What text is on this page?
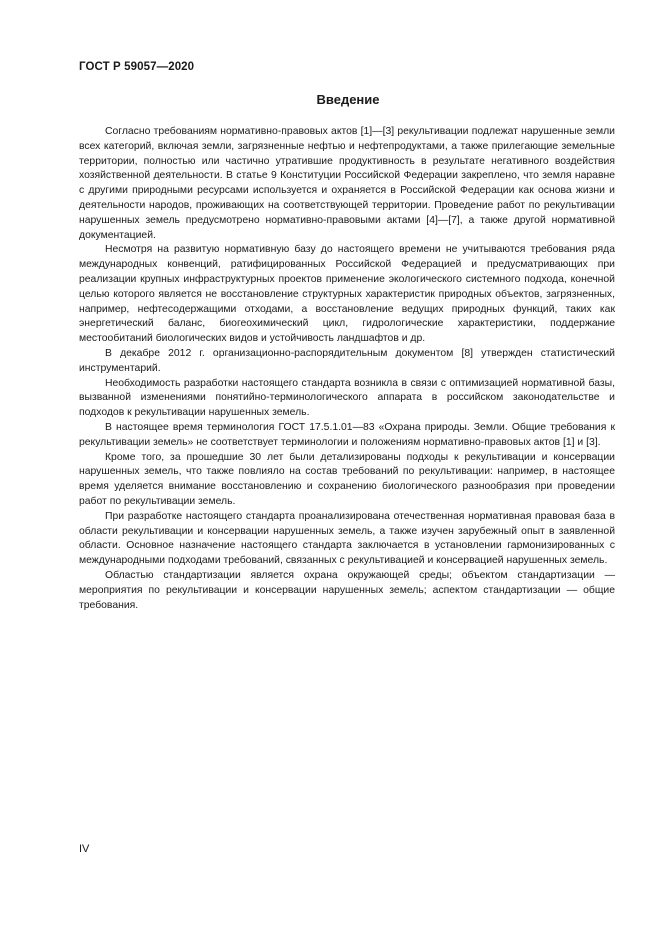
ГОСТ Р 59057—2020
Введение

Согласно требованиям нормативно-правовых актов [1]—[3] рекультивации подлежат нарушенные земли всех категорий, включая земли, загрязненные нефтью и нефтепродуктами, а также прилегающие земельные территории, полностью или частично утратившие продуктивность в результате негативного воздействия хозяйственной деятельности. В статье 9 Конституции Российской Федерации закреплено, что земля наравне с другими природными ресурсами используется и охраняется в Российской Федерации как основа жизни и деятельности народов, проживающих на соответствующей территории. Проведение работ по рекультивации нарушенных земель предусмотрено нормативно-правовыми актами [4]—[7], а также другой нормативной документацией.

Несмотря на развитую нормативную базу до настоящего времени не учитываются требования ряда международных конвенций, ратифицированных Российской Федерацией и предусматривающих при реализации крупных инфраструктурных проектов применение экологического системного подхода, конечной целью которого является не восстановление структурных характеристик природных объектов, загрязненных, например, нефтесодержащими отходами, а восстановление ведущих природных функций, таких как энергетический баланс, биогеохимический цикл, гидрологические характеристики, поддержание местообитаний биологических видов и устойчивость ландшафтов и др.

В декабре 2012 г. организационно-распорядительным документом [8] утвержден статистический инструментарий.

Необходимость разработки настоящего стандарта возникла в связи с оптимизацией нормативной базы, вызванной изменениями понятийно-терминологического аппарата в российском законодательстве и подходов к рекультивации нарушенных земель.

В настоящее время терминология ГОСТ 17.5.1.01—83 «Охрана природы. Земли. Общие требования к рекультивации земель» не соответствует терминологии и положениям нормативно-правовых актов [1] и [3].

Кроме того, за прошедшие 30 лет были детализированы подходы к рекультивации и консервации нарушенных земель, что также повлияло на состав требований по рекультивации: например, в настоящее время уделяется внимание восстановлению и сохранению биологического разнообразия при проведении работ по рекультивации земель.

При разработке настоящего стандарта проанализирована отечественная нормативная правовая база в области рекультивации и консервации нарушенных земель, а также изучен зарубежный опыт в заявленной области. Основное назначение настоящего стандарта заключается в установлении гармонизированных с международными подходами требований, связанных с рекультивацией и консервацией нарушенных земель.

Областью стандартизации является охрана окружающей среды; объектом стандартизации — мероприятия по рекультивации и консервации нарушенных земель; аспектом стандартизации — общие требования.

IV
